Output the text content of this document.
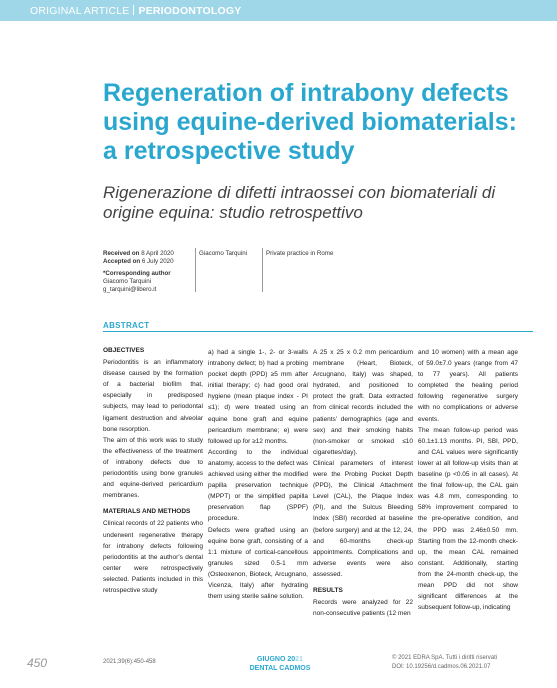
ORIGINAL ARTICLE PERIODONTOLOGY
Regeneration of intrabony defects using equine-derived biomaterials: a retrospective study

Rigenerazione di difetti intraossei con biomateriali di origine equina: studio retrospettivo

Received on 8 April 2020
Accepted on 6 July 2020
*Corresponding author
Giacomo Tarquini
g_tarquini@libero.it
Giacomo Tarquini	Private practice in Rome
ABSTRACT
OBJECTIVES

Periodontitis is an inflammatory disease caused by the formation of a bacterial biofilm that, especially in predisposed subjects, may lead to periodontal ligament destruction and alveolar bone resorption.

The aim of this work was to study the effectiveness of the treatment of intrabony defects due to periodontitis using bone granules and equine-derived pericardium membranes.

MATERIALS AND METHODS

Clinical records of 22 patients who underwent regenerative therapy for intrabony defects following periodontitis at the author's dental center were retrospectively selected. Patients included in this retrospective study

a) had a single 1-, 2- or 3-walls intrabony defect; b) had a probing pocket depth (PPD) ≥5 mm after initial therapy; c) had good oral hygiene (mean plaque index - PI ≤1); d) were treated using an equine bone graft and equine pericardium membrane; e) were followed up for ≥12 months.

According to the individual anatomy, access to the defect was achieved using either the modified papilla preservation technique (MPPT) or the simplified papilla preservation flap (SPPF) procedure.

Defects were grafted using an equine bone graft, consisting of a 1:1 mixture of cortical-cancellous granules sized 0.5-1 mm (Osteoxenon, Bioteck, Arcugnano, Vicenza, Italy) after hydrating them using sterile saline solution.

A 25 x 25 x 0.2 mm pericardium membrane (Heart, Bioteck, Arcugnano, Italy) was shaped, hydrated, and positioned to protect the graft. Data extracted from clinical records included the patients' demographics (age and sex) and their smoking habits (non-smoker or smoked ≤10 cigarettes/day).

Clinical parameters of interest were the Probing Pocket Depth (PPD), the Clinical Attachment Level (CAL), the Plaque Index (PI), and the Sulcus Bleeding Index (SBI) recorded at baseline (before surgery) and at the 12, 24, and 60-months check-up appointments. Complications and adverse events were also assessed.

RESULTS

Records were analyzed for 22 non-consecutive patients (12 men

and 10 women) with a mean age of 59.0±7.0 years (range from 47 to 77 years). All patients completed the healing period following regenerative surgery with no complications or adverse events.

The mean follow-up period was 60.1±1.13 months. PI, SBI, PPD, and CAL values were significantly lower at all follow-up visits than at baseline (p <0.05 in all cases). At the final follow-up, the CAL gain was 4.8 mm, corresponding to 58% improvement compared to the pre-operative condition, and the PPD was 2.46±0.50 mm. Starting from the 12-month check-up, the mean CAL remained constant. Additionally, starting from the 24-month check-up, the mean PPD did not show significant differences at the subsequent follow-up, indicating

450	2021;39(6):450-458	GIUGNO 2021
DENTAL CADMOS
© 2021 EDRA SpA. Tutti i diritti riservati
DOI: 10.19256/d.cadmos.06.2021.07
